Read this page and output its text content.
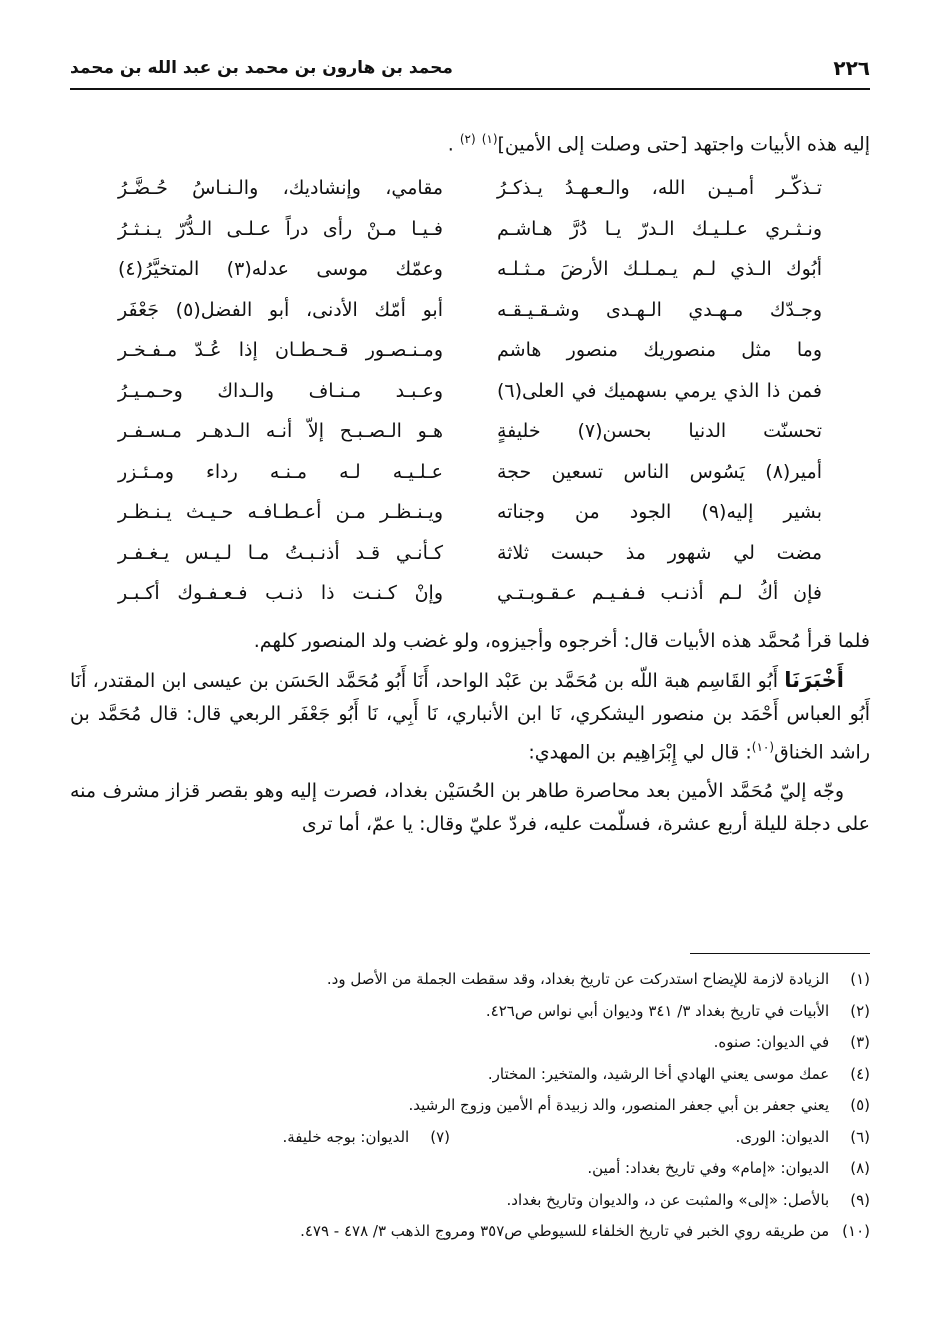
٢٢٦
محمد بن هارون بن محمد بن عبد الله بن محمد

إليه هذه الأبيات واجتهد [حتى وصلت إلى الأمين]$^{(١)}$ $^{(٢)}$ .

تـذكّـر أمـيـن الله، والـعـهـدُ يـذكـرُ
مقامي، وإنشاديك، والـنـاسُ حُـضَّـرُ
ونـثـري عـلـيـك الـدرّ يـا دُرَّ هـاشـم
فـيـا مـنْ رأى دراً عـلـى الـدُّرّ يـنـثـرُ
أبُوك الـذي لـم يـمـلـك الأرضَ مـثـلـه
وعمّك موسى عدله(٣) المتخيَّرُ(٤)
وجـدّك مـهـدي الـهـدى وشـقـيـقـه
أبو أمّك الأدنى، أبو الفضل(٥) جَعْفَر
وما مثل منصوريك منصور هاشم
ومـنـصـور قـحـطـان إذا عُـدّ مـفـخـر
فمن ذا الذي يرمي بسهميك في العلى(٦)
وعـبـد مـنـاف والـداك وحـمـيـرُ
تحسنّت الدنيا بحسن(٧) خليفةٍ
هـو الـصـبـح إلاّ أنـه الـدهـر مـسـفـر
أمير(٨) يَسُوس الناس تسعين حجة
عـلـيـه لـه مـنـه رداء ومـئـزر
بشير إليه(٩) الجود من وجناته
ويـنـظـر مـن أعـطـافـه حـيـث يـنـظـر
مضت لي شهور مذ حبست ثلاثة
كـأنـي قـد أذنـبـتُ مـا لـيـس يـغـفـر
فإن أكُ لـم أذنـب فـفـيـم عـقـوبـتـي
وإنْ كـنـت ذا ذنـب فـعـفـوك أكـبـر

فلما قرأ مُحمَّد هذه الأبيات قال: أخرجوه وأجيزوه، ولو غضب ولد المنصور كلهم.

أَخْبَرَنَا أَبُو القَاسِم هبة اللّه بن مُحَمَّد بن عَبْد الواحد، أَنَا أَبُو مُحَمَّد الحَسَن بن عيسى ابن المقتدر، أَنَا أَبُو العباس أَحْمَد بن منصور اليشكري، نَا ابن الأنباري، نَا أَبِي، نَا أَبُو جَعْفَر الربعي قال: قال مُحَمَّد بن راشد الخناق$^{(١٠)}$: قال لي إِبْرَاهِيم بن المهدي:

وجّه إليّ مُحَمَّد الأمين بعد محاصرة طاهر بن الحُسَيْن بغداد، فصرت إليه وهو بقصر قزاز مشرف منه على دجلة لليلة أربع عشرة، فسلّمت عليه، فردّ عليّ وقال: يا عمّ، أما ترى

(١) الزيادة لازمة للإيضاح استدركت عن تاريخ بغداد، وقد سقطت الجملة من الأصل ود.
(٢) الأبيات في تاريخ بغداد ٣/ ٣٤١ وديوان أبي نواس ص٤٢٦.
(٣) في الديوان: صنوه.
(٤) عمك موسى يعني الهادي أخا الرشيد، والمتخير: المختار.
(٥) يعني جعفر بن أبي جعفر المنصور، والد زبيدة أم الأمين وزوج الرشيد.
(٦) الديوان: الورى.
(٧) الديوان: بوجه خليفة.
(٨) الديوان: «إمام» وفي تاريخ بغداد: أمين.
(٩) بالأصل: «إلى» والمثبت عن د، والديوان وتاريخ بغداد.
(١٠) من طريقه روي الخبر في تاريخ الخلفاء للسيوطي ص٣٥٧ ومروج الذهب ٣/ ٤٧٨ - ٤٧٩.
